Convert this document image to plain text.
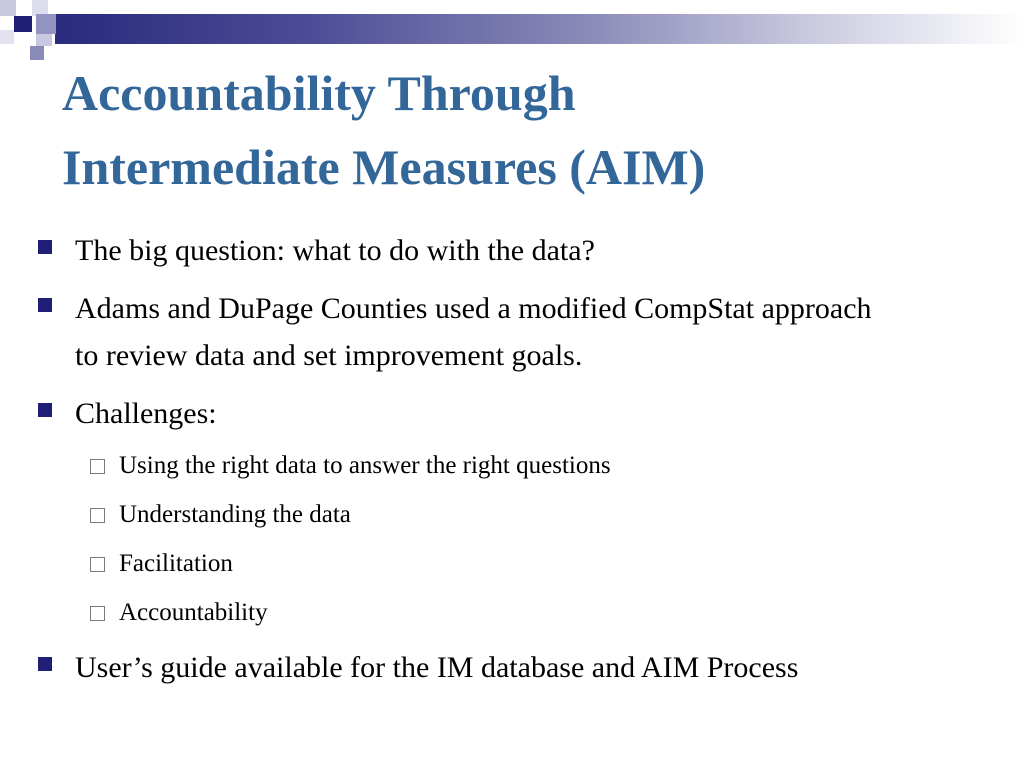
Accountability Through
Intermediate Measures (AIM)
The big question: what to do with the data?
Adams and DuPage Counties used a modified CompStat approach to review data and set improvement goals.
Challenges:
Using the right data to answer the right questions
Understanding the data
Facilitation
Accountability
User’s guide available for the IM database and AIM Process
